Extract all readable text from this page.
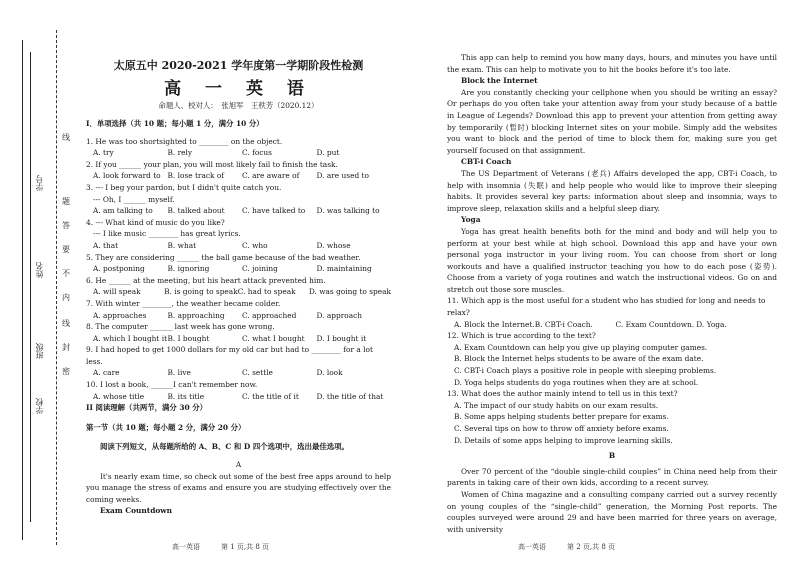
学号
姓名
班级
学校
线
题
答
要
不
内
线
封
密

太原五中 2020-2021 学年度第一学期阶段性检测

高 一 英 语

命题人、校对人：　张旭军　王秩芳（2020.12）

I．单项选择（共 10 题；每小题 1 分，满分 10 分）

1. He was too shortsighted to ________ on the object.

A. try	B. rely	C. focus	D. put

2. If you ______ your plan, you will most likely fail to finish the task.

A. look forward to B. lose track of	C. are aware of	D. are used to

3. --- I beg your pardon, but I didn't quite catch you.

--- Oh, I ______ myself.

A. am talking to	B. talked about	C. have talked to	D. was talking to

4. --- What kind of music do you like?

--- I like music ________ has great lyrics.

A. that	B. what	C. who	D. whose

5. They are considering ______ the ball game because of the bad weather.

A. postponing	B. ignoring	C. joining	D. maintaining

6. He ______ at the meeting, but his heart attack prevented him.

A. will speak	B. is going to speak C. had to speak	D. was going to speak

7. With winter ________, the weather became colder.

A. approaches	B. approaching	C. approached	D. approach

8. The computer ______ last week has gone wrong.

A. which I bought it B. I bought	C. what I bought	D. I bought it

9. I had hoped to get 1000 dollars for my old car but had to ________ for a lot less.

A. care	B. live	C. settle	D. look

10. I lost a book, ______I can't remember now.

A. whose title	B. its title	C. the title of it	D. the title of that

II 阅读理解（共两节，满分 30 分）

第一节（共 10 题；每小题 2 分，满分 20 分）

阅读下列短文，从每题所给的 A、B、C 和 D 四个选项中，选出最佳选项。

A

It's nearly exam time, so check out some of the best free apps around to help you manage the stress of exams and ensure you are studying effectively over the coming weeks.

Exam Countdown

This app can help to remind you how many days, hours, and minutes you have until the exam. This can help to motivate you to hit the books before it's too late.

Block the Internet

Are you constantly checking your cellphone when you should be writing an essay? Or perhaps do you often take your attention away from your study because of a battle in League of Legends? Download this app to prevent your attention from getting away by temporarily (暂时) blocking Internet sites on your mobile. Simply add the websites you want to block and the period of time to block them for, making sure you get yourself focused on that assignment.

CBT-i Coach

The US Department of Veterans (老兵) Affairs developed the app, CBT-i Coach, to help with insomnia (失眠) and help people who would like to improve their sleeping habits. It provides several key parts: information about sleep and insomnia, ways to improve sleep, relaxation skills and a helpful sleep diary.

Yoga

Yoga has great health benefits both for the mind and body and will help you to perform at your best while at high school. Download this app and have your own personal yoga instructor in your living room. You can choose from short or long workouts and have a qualified instructor teaching you how to do each pose (姿势). Choose from a variety of yoga routines and watch the instructional videos. Go on and stretch out those sore muscles.

11. Which app is the most useful for a student who has studied for long and needs to relax?

A. Block the Internet. B. CBT-i Coach.	C. Exam Countdown. D. Yoga.

12. Which is true according to the text?

A. Exam Countdown can help you give up playing computer games.

B. Block the Internet helps students to be aware of the exam date.

C. CBT-i Coach plays a positive role in people with sleeping problems.

D. Yoga helps students do yoga routines when they are at school.

13. What does the author mainly intend to tell us in this text?

A. The impact of our study habits on our exam results.

B. Some apps helping students better prepare for exams.

C. Several tips on how to throw off anxiety before exams.

D. Details of some apps helping to improve learning skills.

B

Over 70 percent of the “double single-child couples” in China need help from their parents in taking care of their own kids, according to a recent survey.

Women of China magazine and a consulting company carried out a survey recently on young couples of the “single-child” generation, the Morning Post reports. The couples surveyed were around 29 and have been married for three years on average, with university

高一英语　　　第 1 页,共 8 页	高一英语　　　第 2 页,共 8 页
